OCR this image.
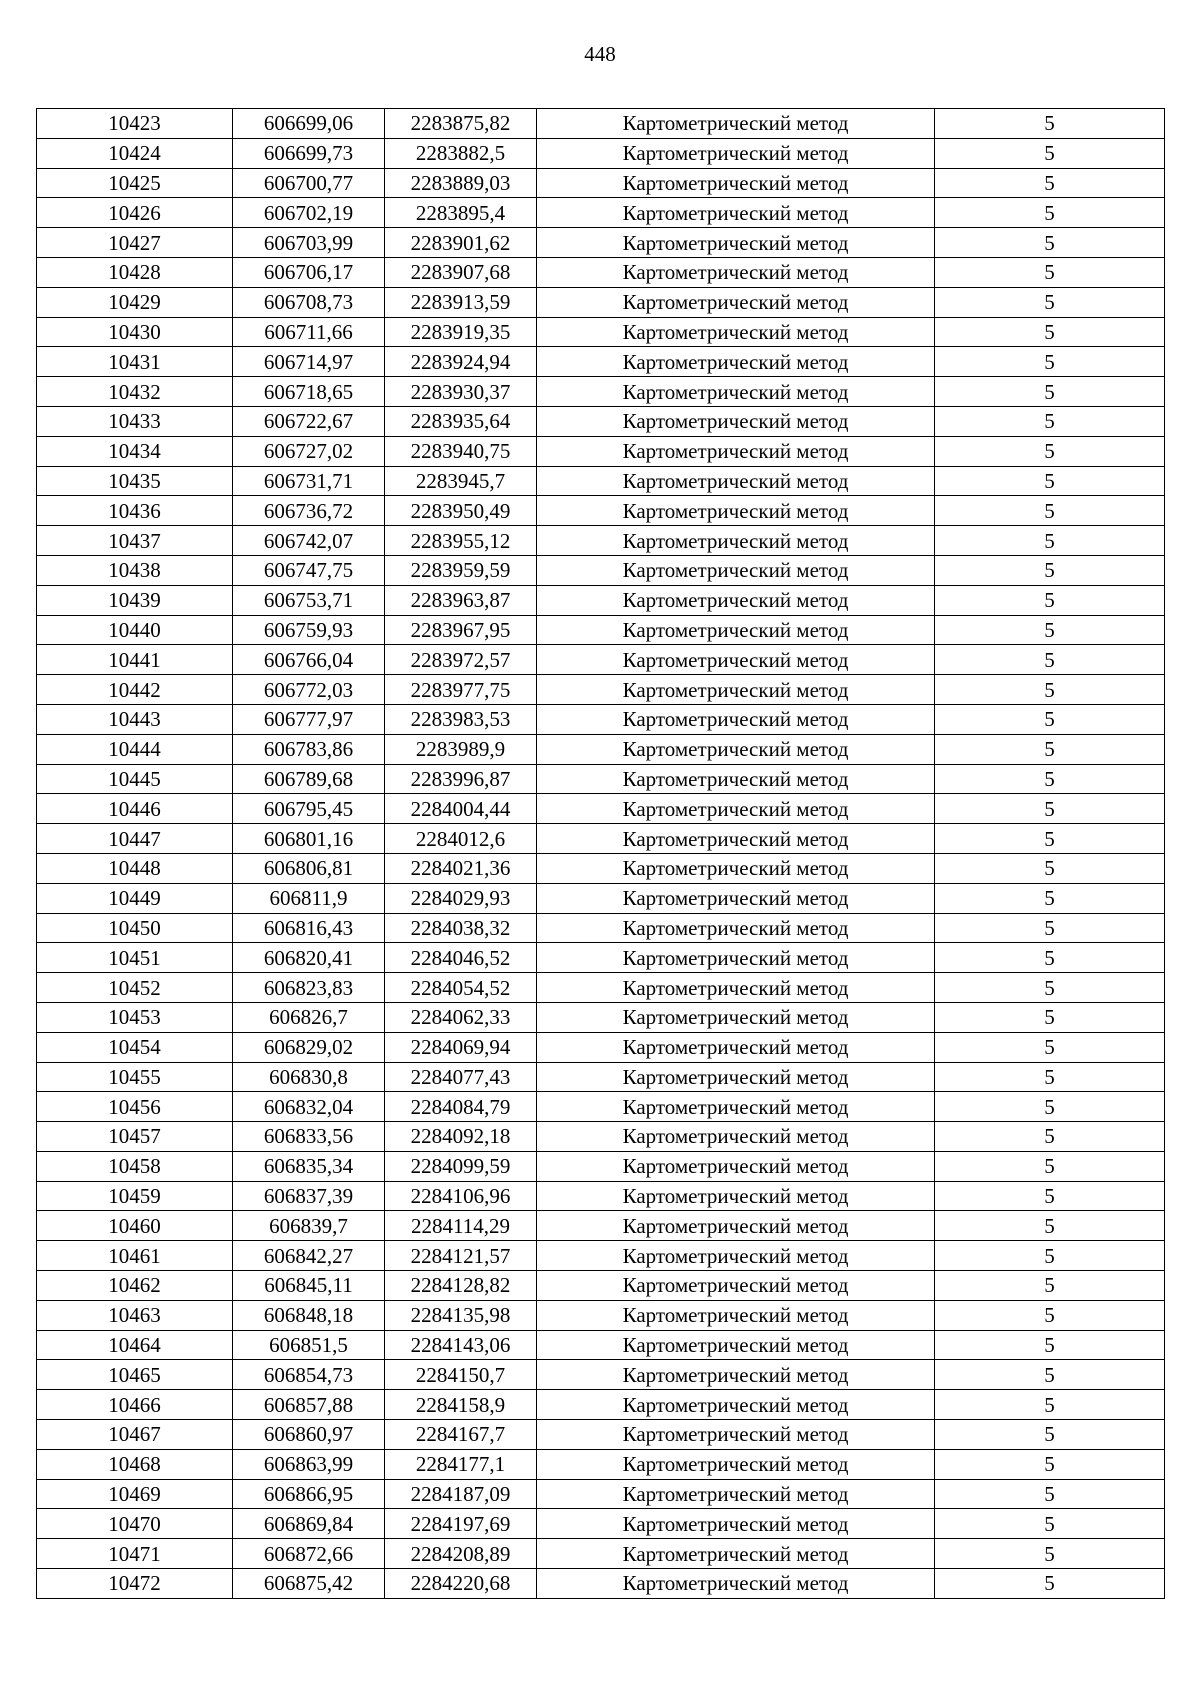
448
10423	606699,06	2283875,82	Картометрический метод	5
10424	606699,73	2283882,5	Картометрический метод	5
10425	606700,77	2283889,03	Картометрический метод	5
10426	606702,19	2283895,4	Картометрический метод	5
10427	606703,99	2283901,62	Картометрический метод	5
10428	606706,17	2283907,68	Картометрический метод	5
10429	606708,73	2283913,59	Картометрический метод	5
10430	606711,66	2283919,35	Картометрический метод	5
10431	606714,97	2283924,94	Картометрический метод	5
10432	606718,65	2283930,37	Картометрический метод	5
10433	606722,67	2283935,64	Картометрический метод	5
10434	606727,02	2283940,75	Картометрический метод	5
10435	606731,71	2283945,7	Картометрический метод	5
10436	606736,72	2283950,49	Картометрический метод	5
10437	606742,07	2283955,12	Картометрический метод	5
10438	606747,75	2283959,59	Картометрический метод	5
10439	606753,71	2283963,87	Картометрический метод	5
10440	606759,93	2283967,95	Картометрический метод	5
10441	606766,04	2283972,57	Картометрический метод	5
10442	606772,03	2283977,75	Картометрический метод	5
10443	606777,97	2283983,53	Картометрический метод	5
10444	606783,86	2283989,9	Картометрический метод	5
10445	606789,68	2283996,87	Картометрический метод	5
10446	606795,45	2284004,44	Картометрический метод	5
10447	606801,16	2284012,6	Картометрический метод	5
10448	606806,81	2284021,36	Картометрический метод	5
10449	606811,9	2284029,93	Картометрический метод	5
10450	606816,43	2284038,32	Картометрический метод	5
10451	606820,41	2284046,52	Картометрический метод	5
10452	606823,83	2284054,52	Картометрический метод	5
10453	606826,7	2284062,33	Картометрический метод	5
10454	606829,02	2284069,94	Картометрический метод	5
10455	606830,8	2284077,43	Картометрический метод	5
10456	606832,04	2284084,79	Картометрический метод	5
10457	606833,56	2284092,18	Картометрический метод	5
10458	606835,34	2284099,59	Картометрический метод	5
10459	606837,39	2284106,96	Картометрический метод	5
10460	606839,7	2284114,29	Картометрический метод	5
10461	606842,27	2284121,57	Картометрический метод	5
10462	606845,11	2284128,82	Картометрический метод	5
10463	606848,18	2284135,98	Картометрический метод	5
10464	606851,5	2284143,06	Картометрический метод	5
10465	606854,73	2284150,7	Картометрический метод	5
10466	606857,88	2284158,9	Картометрический метод	5
10467	606860,97	2284167,7	Картометрический метод	5
10468	606863,99	2284177,1	Картометрический метод	5
10469	606866,95	2284187,09	Картометрический метод	5
10470	606869,84	2284197,69	Картометрический метод	5
10471	606872,66	2284208,89	Картометрический метод	5
10472	606875,42	2284220,68	Картометрический метод	5
